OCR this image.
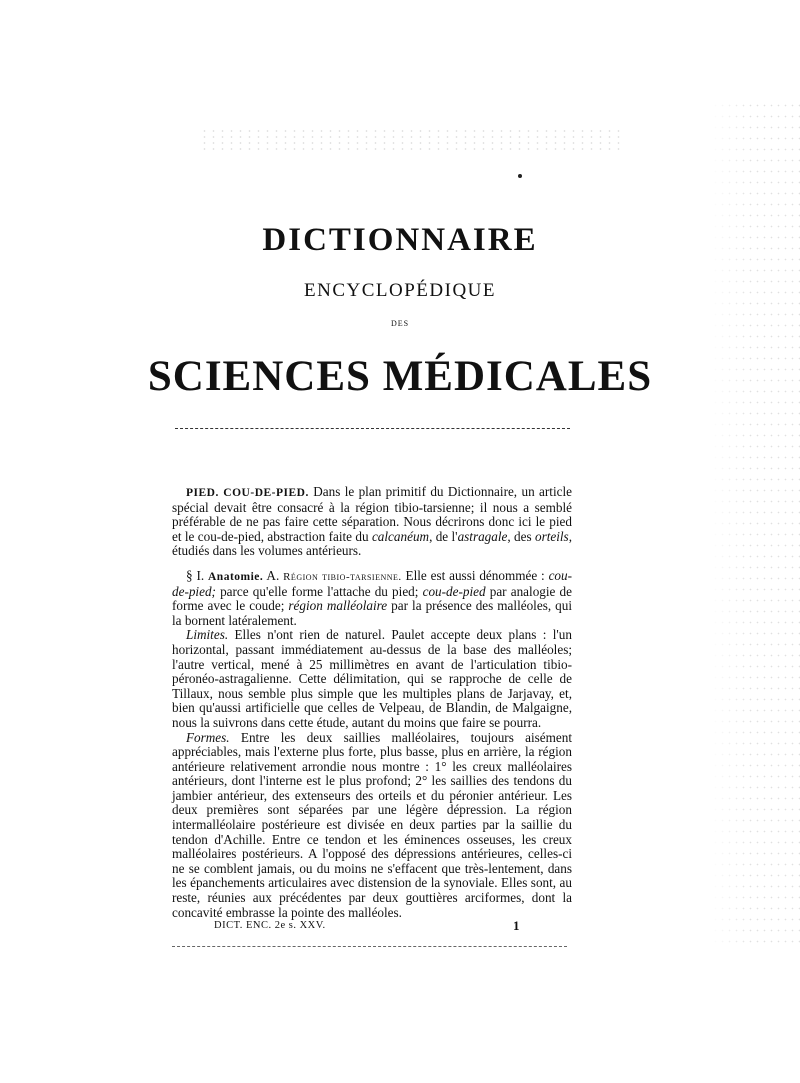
DICTIONNAIRE
ENCYCLOPÉDIQUE
DES
SCIENCES MÉDICALES

PIED. COU-DE-PIED. Dans le plan primitif du Dictionnaire, un article spécial devait être consacré à la région tibio-tarsienne; il nous a semblé préférable de ne pas faire cette séparation. Nous décrirons donc ici le pied et le cou-de-pied, abstraction faite du calcanéum, de l'astragale, des orteils, étudiés dans les volumes antérieurs.

§ I. Anatomie. A. Région tibio-tarsienne. Elle est aussi dénommée : cou-de-pied; parce qu'elle forme l'attache du pied; cou-de-pied par analogie de forme avec le coude; région malléolaire par la présence des malléoles, qui la bornent latéralement.

Limites. Elles n'ont rien de naturel. Paulet accepte deux plans : l'un horizontal, passant immédiatement au-dessus de la base des malléoles; l'autre vertical, mené à 25 millimètres en avant de l'articulation tibio-péronéo-astragalienne. Cette délimitation, qui se rapproche de celle de Tillaux, nous semble plus simple que les multiples plans de Jarjavay, et, bien qu'aussi artificielle que celles de Velpeau, de Blandin, de Malgaigne, nous la suivrons dans cette étude, autant du moins que faire se pourra.

Formes. Entre les deux saillies malléolaires, toujours aisément appréciables, mais l'externe plus forte, plus basse, plus en arrière, la région antérieure relativement arrondie nous montre : 1° les creux malléolaires antérieurs, dont l'interne est le plus profond; 2° les saillies des tendons du jambier antérieur, des extenseurs des orteils et du péronier antérieur. Les deux premières sont séparées par une légère dépression. La région intermalléolaire postérieure est divisée en deux parties par la saillie du tendon d'Achille. Entre ce tendon et les éminences osseuses, les creux malléolaires postérieurs. A l'opposé des dépressions antérieures, celles-ci ne se comblent jamais, ou du moins ne s'effacent que très-lentement, dans les épanchements articulaires avec distension de la synoviale. Elles sont, au reste, réunies aux précédentes par deux gouttières arciformes, dont la concavité embrasse la pointe des malléoles.

DICT. ENC. 2e s. XXV.	1
